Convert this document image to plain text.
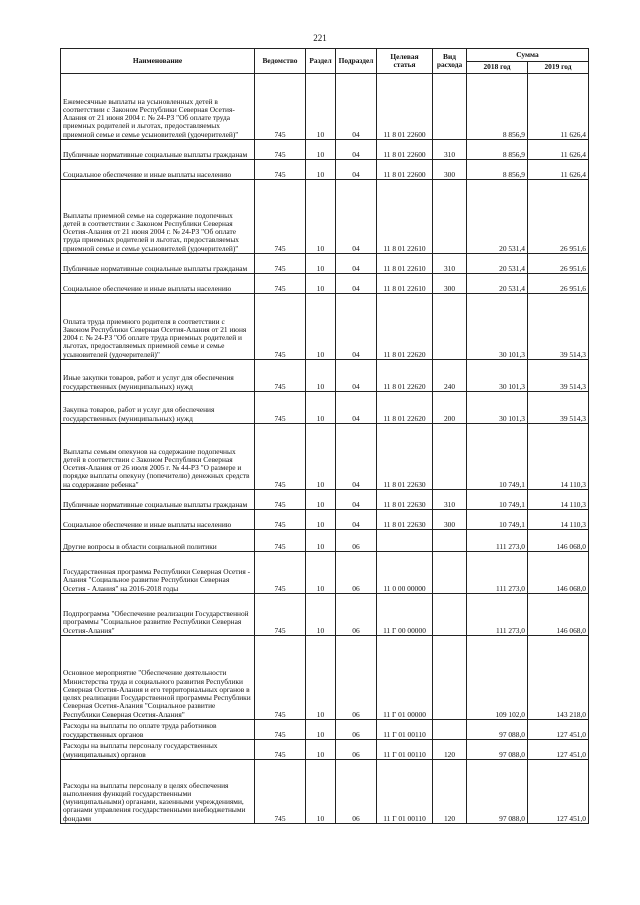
221
Наименование	Ведомство	Раздел	Подраздел	Целевая статья	Вид расхода	Сумма	
						2018 год	2019 год
Ежемесячные выплаты на усыновленных детей в соответствии с Законом Республики Северная Осетия-Алания от 21 июня 2004 г. № 24-РЗ "Об оплате труда приемных родителей и льготах, предоставляемых приемной семье и семье усыновителей (удочерителей)"	745	10	04	11 8 01 22600		8 856,9	11 626,4
Публичные нормативные социальные выплаты гражданам	745	10	04	11 8 01 22600	310	8 856,9	11 626,4
Социальное обеспечение и иные выплаты населению	745	10	04	11 8 01 22600	300	8 856,9	11 626,4
Выплаты приемной семье на содержание подопечных детей в соответствии с Законом Республики Северная Осетия-Алания от 21 июня 2004 г. № 24-РЗ "Об оплате труда приемных родителей и льготах, предоставляемых приемной семье и семье усыновителей (удочерителей)"	745	10	04	11 8 01 22610		20 531,4	26 951,6
Публичные нормативные социальные выплаты гражданам	745	10	04	11 8 01 22610	310	20 531,4	26 951,6
Социальное обеспечение и иные выплаты населению	745	10	04	11 8 01 22610	300	20 531,4	26 951,6
Оплата труда приемного родителя в соответствии с Законом Республики Северная Осетия-Алания от 21 июня 2004 г. № 24-РЗ "Об оплате труда приемных родителей и льготах, предоставляемых приемной семье и семье усыновителей (удочерителей)"	745	10	04	11 8 01 22620		30 101,3	39 514,3
Иные закупки товаров, работ и услуг для обеспечения государственных (муниципальных) нужд	745	10	04	11 8 01 22620	240	30 101,3	39 514,3
Закупка товаров, работ и услуг для обеспечения государственных (муниципальных) нужд	745	10	04	11 8 01 22620	200	30 101,3	39 514,3
Выплаты семьям опекунов на содержание подопечных детей в соответствии с Законом Республики Северная Осетия-Алания от 26 июля 2005 г. № 44-РЗ "О размере и порядке выплаты опекуну (попечителю) денежных средств на содержание ребенка"	745	10	04	11 8 01 22630		10 749,1	14 110,3
Публичные нормативные социальные выплаты гражданам	745	10	04	11 8 01 22630	310	10 749,1	14 110,3
Социальное обеспечение и иные выплаты населению	745	10	04	11 8 01 22630	300	10 749,1	14 110,3
Другие вопросы в области социальной политики	745	10	06			111 273,0	146 068,0
Государственная программа Республики Северная Осетия - Алания "Социальное развитие Республики Северная Осетия - Алания" на 2016-2018 годы	745	10	06	11 0 00 00000		111 273,0	146 068,0
Подпрограмма "Обеспечение реализации Государственной программы "Социальное развитие Республики Северная Осетия-Алания"	745	10	06	11 Г 00 00000		111 273,0	146 068,0
Основное мероприятие "Обеспечение деятельности Министерства труда и социального развития Республики Северная Осетия-Алания и его территориальных органов в целях реализации Государственной программы Республики Северная Осетия-Алания "Социальное развитие Республики Северная Осетия-Алания"	745	10	06	11 Г 01 00000		109 102,0	143 218,0
Расходы на выплаты по оплате труда работников государственных органов	745	10	06	11 Г 01 00110		97 088,0	127 451,0
Расходы на выплаты персоналу государственных (муниципальных) органов	745	10	06	11 Г 01 00110	120	97 088,0	127 451,0
Расходы на выплаты персоналу в целях обеспечения выполнения функций государственными (муниципальными) органами, казенными учреждениями, органами управления государственными внебюджетными фондами	745	10	06	11 Г 01 00110	120	97 088,0	127 451,0
